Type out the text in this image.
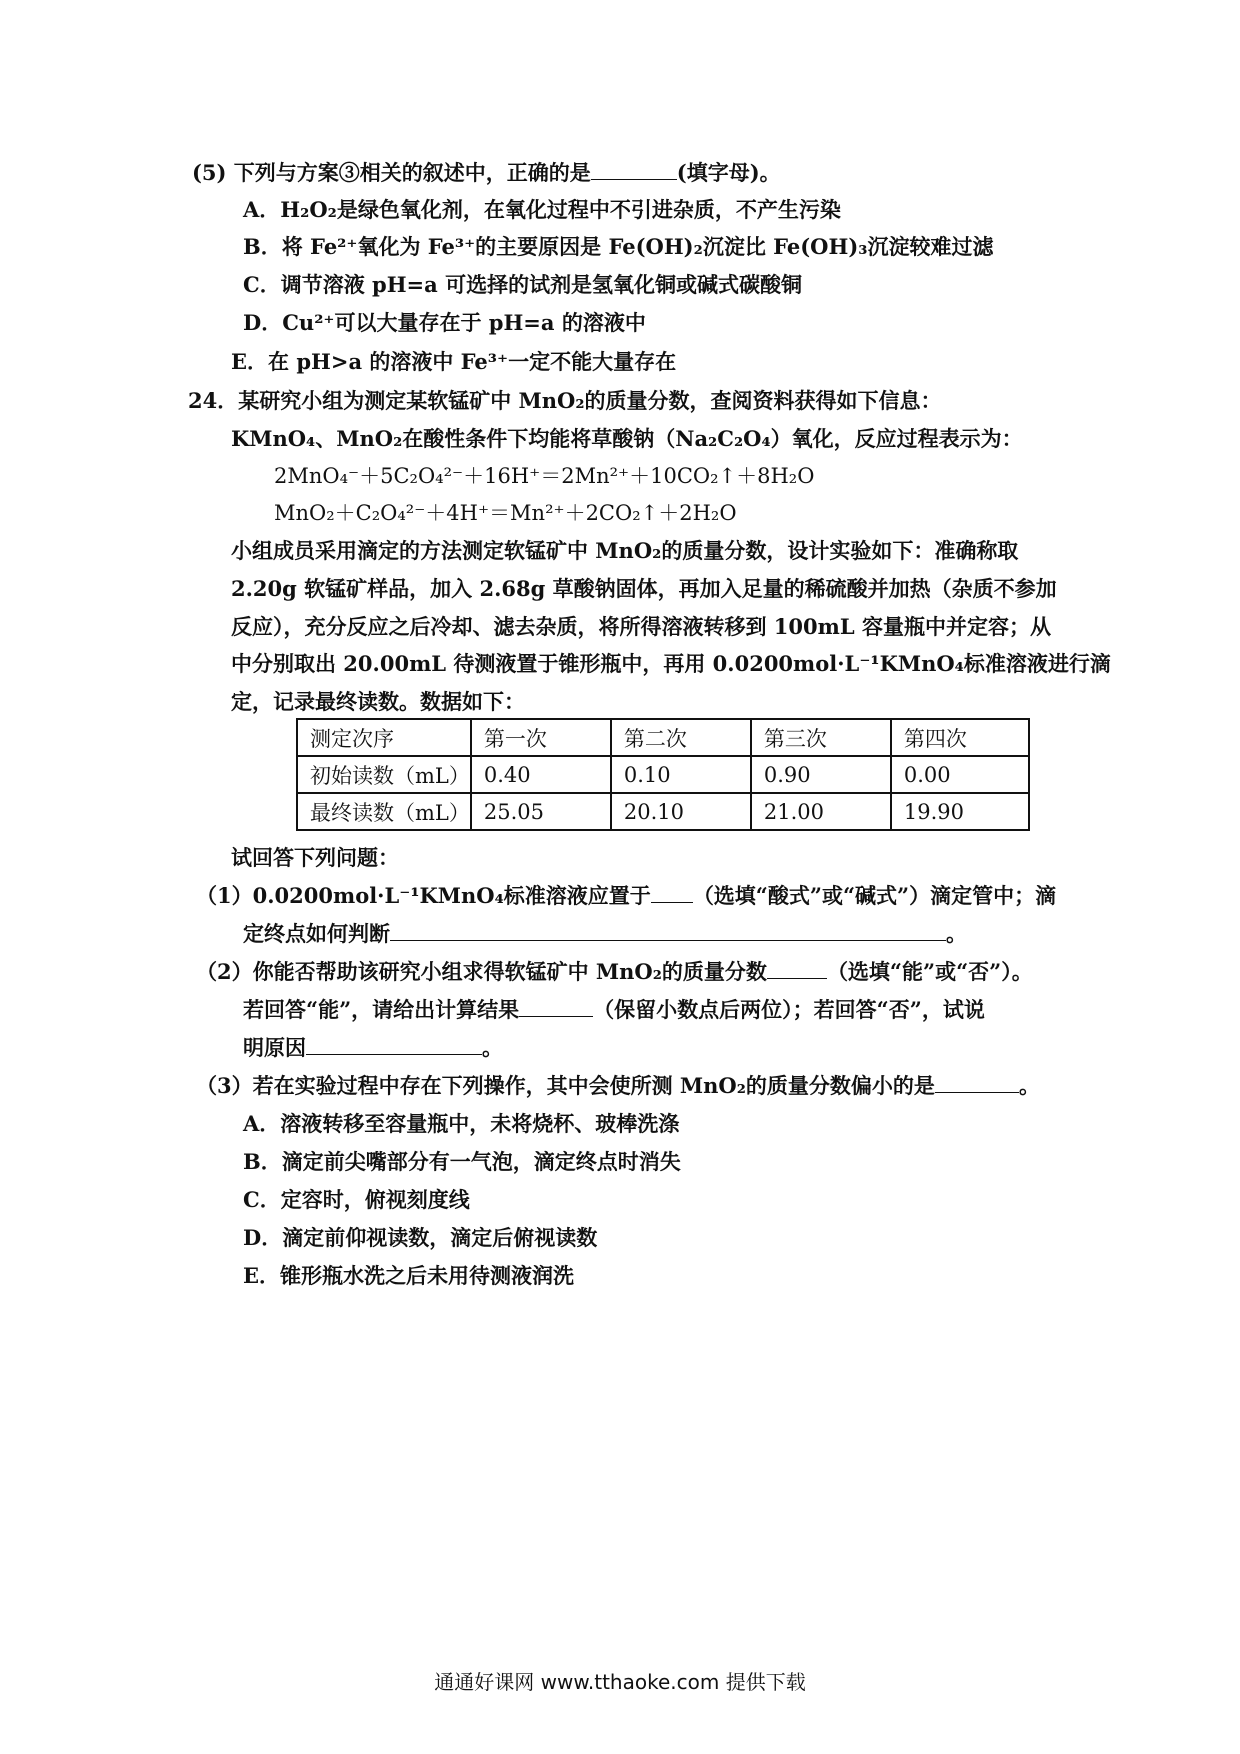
(5) 下列与方案③相关的叙述中，正确的是	(填字母)。
A．H₂O₂是绿色氧化剂，在氧化过程中不引进杂质，不产生污染
B．将 Fe²⁺氧化为 Fe³⁺的主要原因是 Fe(OH)₂沉淀比 Fe(OH)₃沉淀较难过滤
C．调节溶液 pH=a 可选择的试剂是氢氧化铜或碱式碳酸铜
D．Cu²⁺可以大量存在于 pH=a 的溶液中
E．在 pH>a 的溶液中 Fe³⁺一定不能大量存在
24．某研究小组为测定某软锰矿中 MnO₂的质量分数，查阅资料获得如下信息：
KMnO₄、MnO₂在酸性条件下均能将草酸钠（Na₂C₂O₄）氧化，反应过程表示为：
2MnO₄⁻＋5C₂O₄²⁻＋16H⁺＝2Mn²⁺＋10CO₂↑＋8H₂O
MnO₂＋C₂O₄²⁻＋4H⁺＝Mn²⁺＋2CO₂↑＋2H₂O
小组成员采用滴定的方法测定软锰矿中 MnO₂的质量分数，设计实验如下：准确称取
2.20g 软锰矿样品，加入 2.68g 草酸钠固体，再加入足量的稀硫酸并加热（杂质不参加
反应），充分反应之后冷却、滤去杂质，将所得溶液转移到 100mL 容量瓶中并定容；从
中分别取出 20.00mL 待测液置于锥形瓶中，再用 0.0200mol·L⁻¹KMnO₄标准溶液进行滴
定，记录最终读数。数据如下：
测定次序	第一次	第二次	第三次	第四次
初始读数（mL）	0.40	0.10	0.90	0.00
最终读数（mL）	25.05	20.10	21.00	19.90
试回答下列问题：
（1）0.0200mol·L⁻¹KMnO₄标准溶液应置于 （选填“酸式”或“碱式”）滴定管中；滴
定终点如何判断	。
（2）你能否帮助该研究小组求得软锰矿中 MnO₂的质量分数	（选填“能”或“否”）。
若回答“能”，请给出计算结果	（保留小数点后两位）；若回答“否”，试说
明原因	。
（3）若在实验过程中存在下列操作，其中会使所测 MnO₂的质量分数偏小的是	。
A．溶液转移至容量瓶中，未将烧杯、玻棒洗涤
B．滴定前尖嘴部分有一气泡，滴定终点时消失
C．定容时，俯视刻度线
D．滴定前仰视读数，滴定后俯视读数
E．锥形瓶水洗之后未用待测液润洗
通通好课网 www.tthaoke.com 提供下载
